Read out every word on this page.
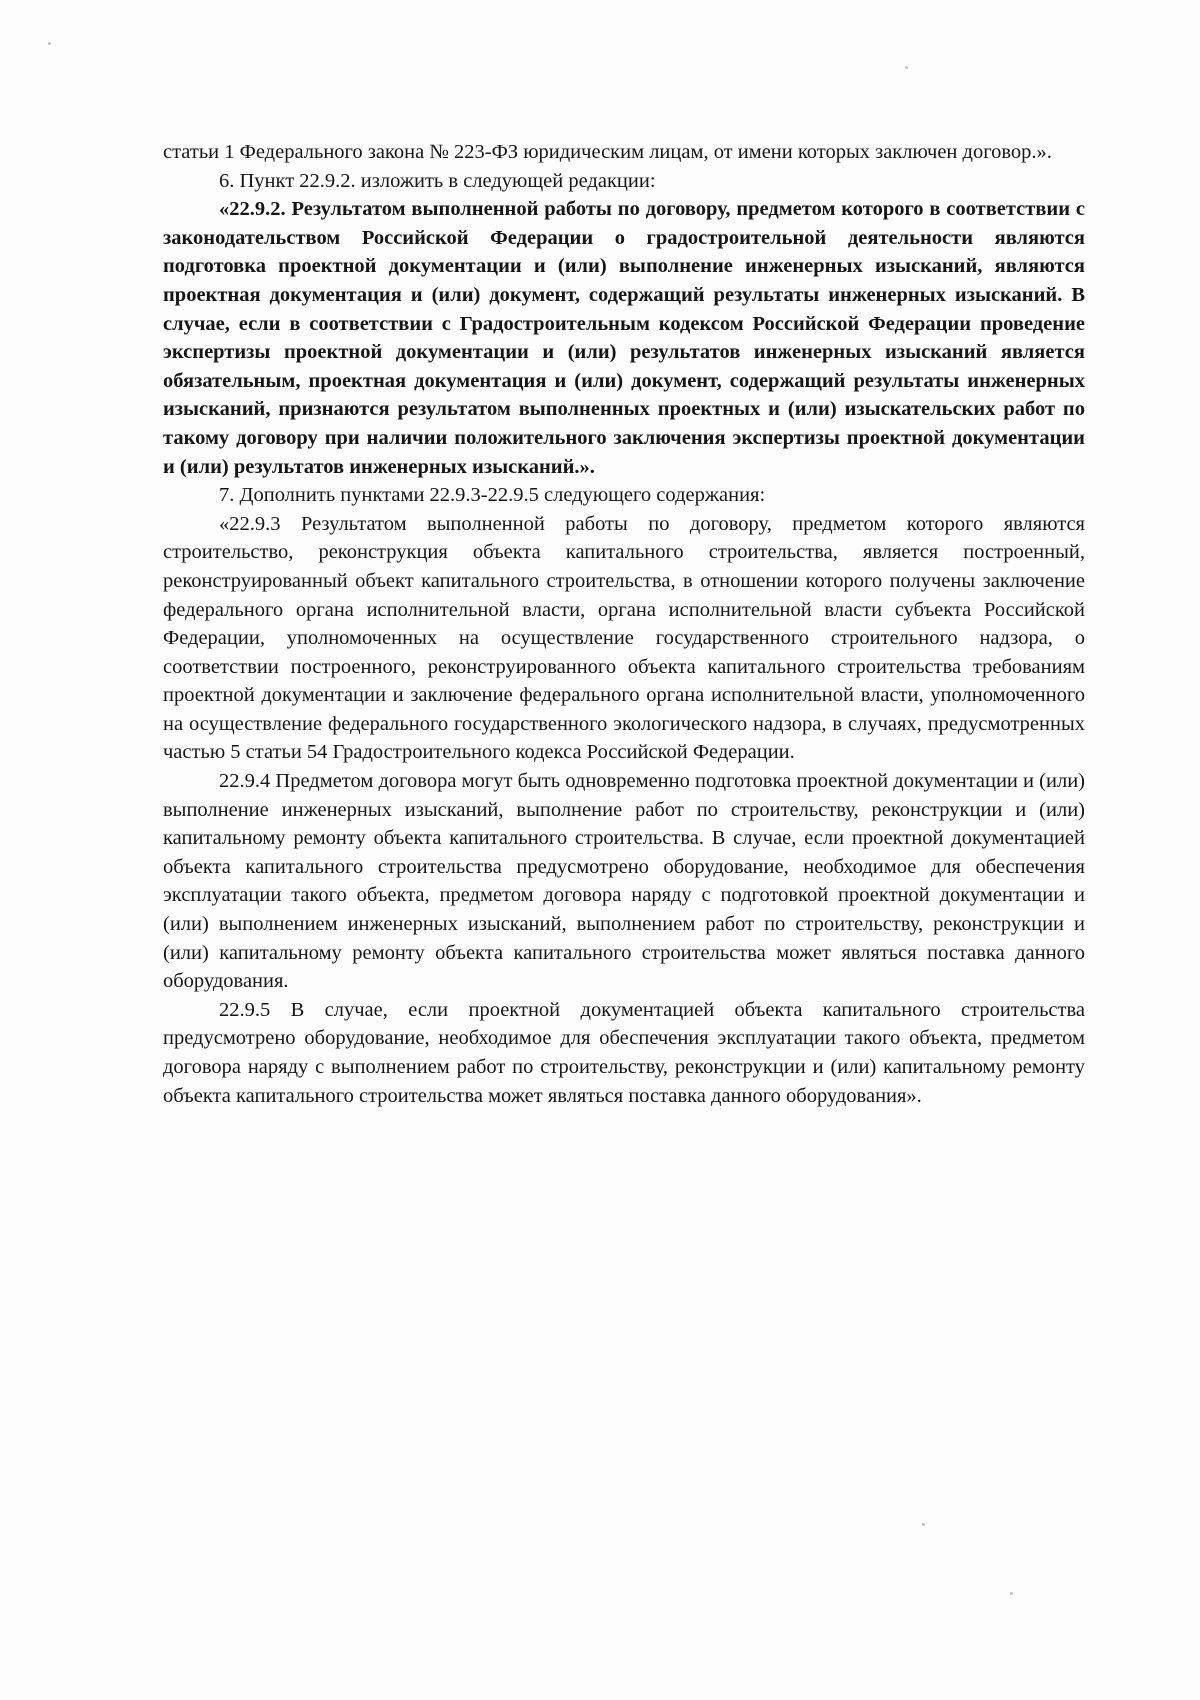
статьи 1 Федерального закона № 223-ФЗ юридическим лицам, от имени которых заключен договор.».

6. Пункт 22.9.2. изложить в следующей редакции:

«22.9.2. Результатом выполненной работы по договору, предметом которого в соответствии с законодательством Российской Федерации о градостроительной деятельности являются подготовка проектной документации и (или) выполнение инженерных изысканий, являются проектная документация и (или) документ, содержащий результаты инженерных изысканий. В случае, если в соответствии с Градостроительным кодексом Российской Федерации проведение экспертизы проектной документации и (или) результатов инженерных изысканий является обязательным, проектная документация и (или) документ, содержащий результаты инженерных изысканий, признаются результатом выполненных проектных и (или) изыскательских работ по такому договору при наличии положительного заключения экспертизы проектной документации и (или) результатов инженерных изысканий.».

7. Дополнить пунктами 22.9.3-22.9.5 следующего содержания:

«22.9.3 Результатом выполненной работы по договору, предметом которого являются строительство, реконструкция объекта капитального строительства, является построенный, реконструированный объект капитального строительства, в отношении которого получены заключение федерального органа исполнительной власти, органа исполнительной власти субъекта Российской Федерации, уполномоченных на осуществление государственного строительного надзора, о соответствии построенного, реконструированного объекта капитального строительства требованиям проектной документации и заключение федерального органа исполнительной власти, уполномоченного на осуществление федерального государственного экологического надзора, в случаях, предусмотренных частью 5 статьи 54 Градостроительного кодекса Российской Федерации.

22.9.4 Предметом договора могут быть одновременно подготовка проектной документации и (или) выполнение инженерных изысканий, выполнение работ по строительству, реконструкции и (или) капитальному ремонту объекта капитального строительства. В случае, если проектной документацией объекта капитального строительства предусмотрено оборудование, необходимое для обеспечения эксплуатации такого объекта, предметом договора наряду с подготовкой проектной документации и (или) выполнением инженерных изысканий, выполнением работ по строительству, реконструкции и (или) капитальному ремонту объекта капитального строительства может являться поставка данного оборудования.

22.9.5 В случае, если проектной документацией объекта капитального строительства предусмотрено оборудование, необходимое для обеспечения эксплуатации такого объекта, предметом договора наряду с выполнением работ по строительству, реконструкции и (или) капитальному ремонту объекта капитального строительства может являться поставка данного оборудования».
